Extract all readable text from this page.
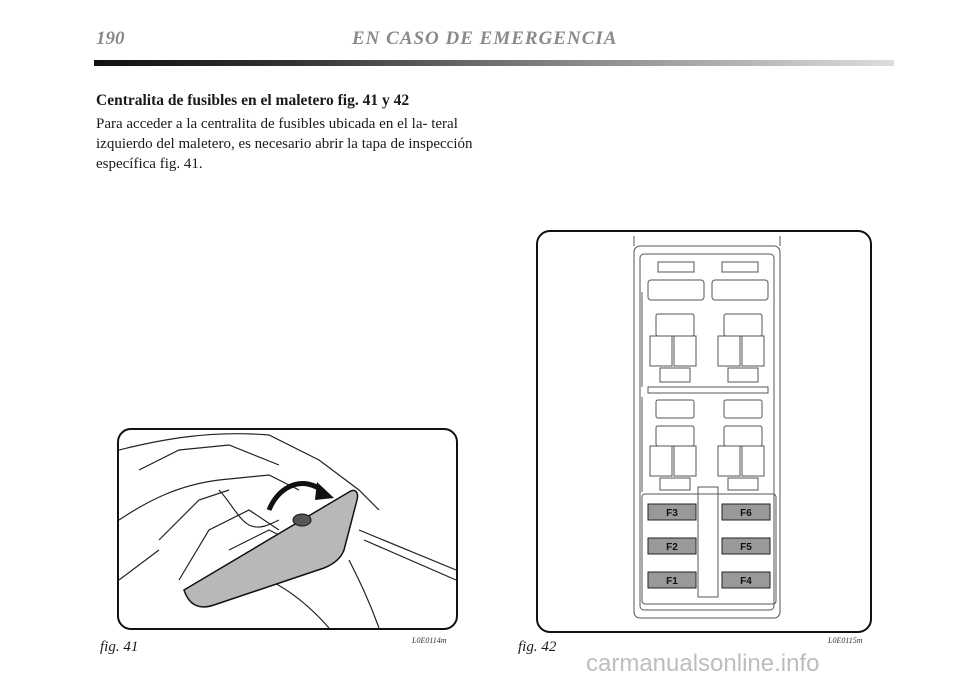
190	EN CASO DE EMERGENCIA
Centralita de fusibles en el maletero fig. 41 y 42

Para acceder a la centralita de fusibles ubicada en el la- teral izquierdo del maletero, es necesario abrir la tapa de inspección específica fig. 41.

fig. 41	L0E0114m
F3
F2
F1
F6
F5
F4
fig. 42	L0E0115m
carmanualsonline.info
